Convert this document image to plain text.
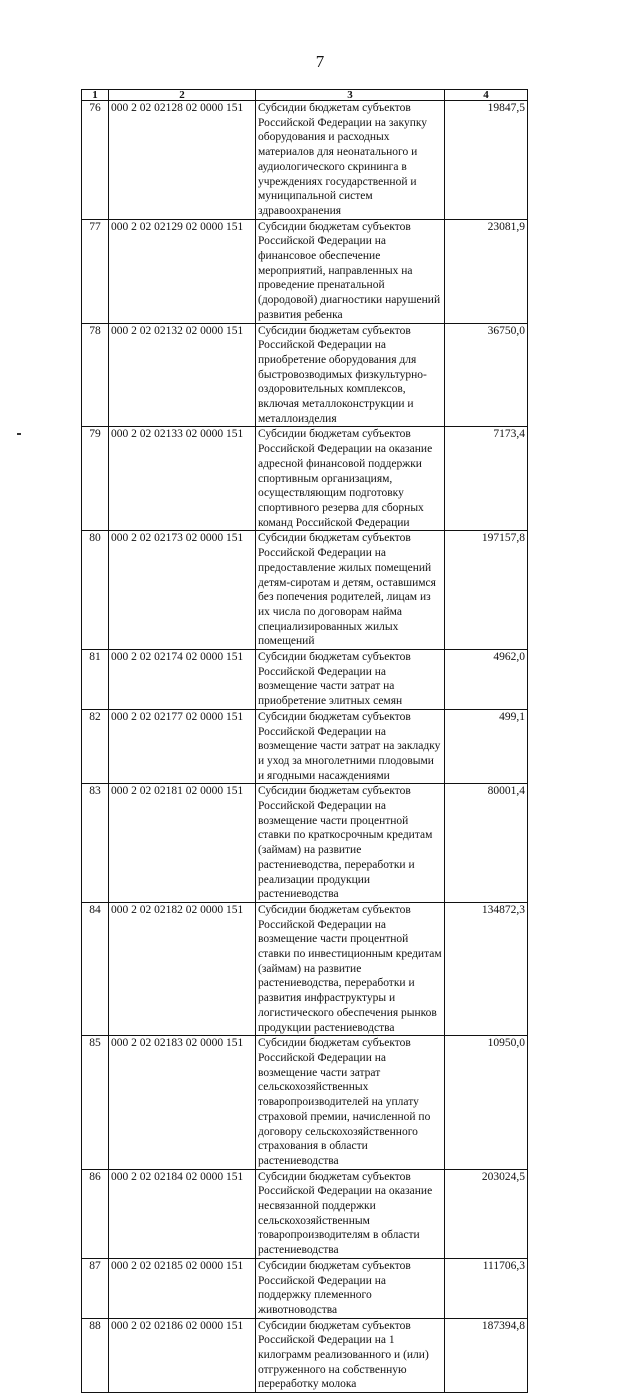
7
1	2	3	4
76	000 2 02 02128 02 0000 151	Субсидии бюджетам субъектов Российской Федерации на закупку оборудования и расходных материалов для неонатального и аудиологического скрининга в учреждениях государственной и муниципальной систем здравоохранения	19847,5
77	000 2 02 02129 02 0000 151	Субсидии бюджетам субъектов Российской Федерации на финансовое обеспечение мероприятий, направленных на проведение пренатальной (дородовой) диагностики нарушений развития ребенка	23081,9
78	000 2 02 02132 02 0000 151	Субсидии бюджетам субъектов Российской Федерации на приобретение оборудования для быстровозводимых физкультурно-оздоровительных комплексов, включая металлоконструкции и металлоизделия	36750,0
79	000 2 02 02133 02 0000 151	Субсидии бюджетам субъектов Российской Федерации на оказание адресной финансовой поддержки спортивным организациям, осуществляющим подготовку спортивного резерва для сборных команд Российской Федерации	7173,4
80	000 2 02 02173 02 0000 151	Субсидии бюджетам субъектов Российской Федерации на предоставление жилых помещений детям-сиротам и детям, оставшимся без попечения родителей, лицам из их числа по договорам найма специализированных жилых помещений	197157,8
81	000 2 02 02174 02 0000 151	Субсидии бюджетам субъектов Российской Федерации на возмещение части затрат на приобретение элитных семян	4962,0
82	000 2 02 02177 02 0000 151	Субсидии бюджетам субъектов Российской Федерации на возмещение части затрат на закладку и уход за многолетними плодовыми и ягодными насаждениями	499,1
83	000 2 02 02181 02 0000 151	Субсидии бюджетам субъектов Российской Федерации на возмещение части процентной ставки по краткосрочным кредитам (займам) на развитие растениеводства, переработки и реализации продукции растениеводства	80001,4
84	000 2 02 02182 02 0000 151	Субсидии бюджетам субъектов Российской Федерации на возмещение части процентной ставки по инвестиционным кредитам (займам) на развитие растениеводства, переработки и развития инфраструктуры и логистического обеспечения рынков продукции растениеводства	134872,3
85	000 2 02 02183 02 0000 151	Субсидии бюджетам субъектов Российской Федерации на возмещение части затрат сельскохозяйственных товаропроизводителей на уплату страховой премии, начисленной по договору сельскохозяйственного страхования в области растениеводства	10950,0
86	000 2 02 02184 02 0000 151	Субсидии бюджетам субъектов Российской Федерации на оказание несвязанной поддержки сельскохозяйственным товаропроизводителям в области растениеводства	203024,5
87	000 2 02 02185 02 0000 151	Субсидии бюджетам субъектов Российской Федерации на поддержку племенного животноводства	111706,3
88	000 2 02 02186 02 0000 151	Субсидии бюджетам субъектов Российской Федерации на 1 килограмм реализованного и (или) отгруженного на собственную переработку молока	187394,8
